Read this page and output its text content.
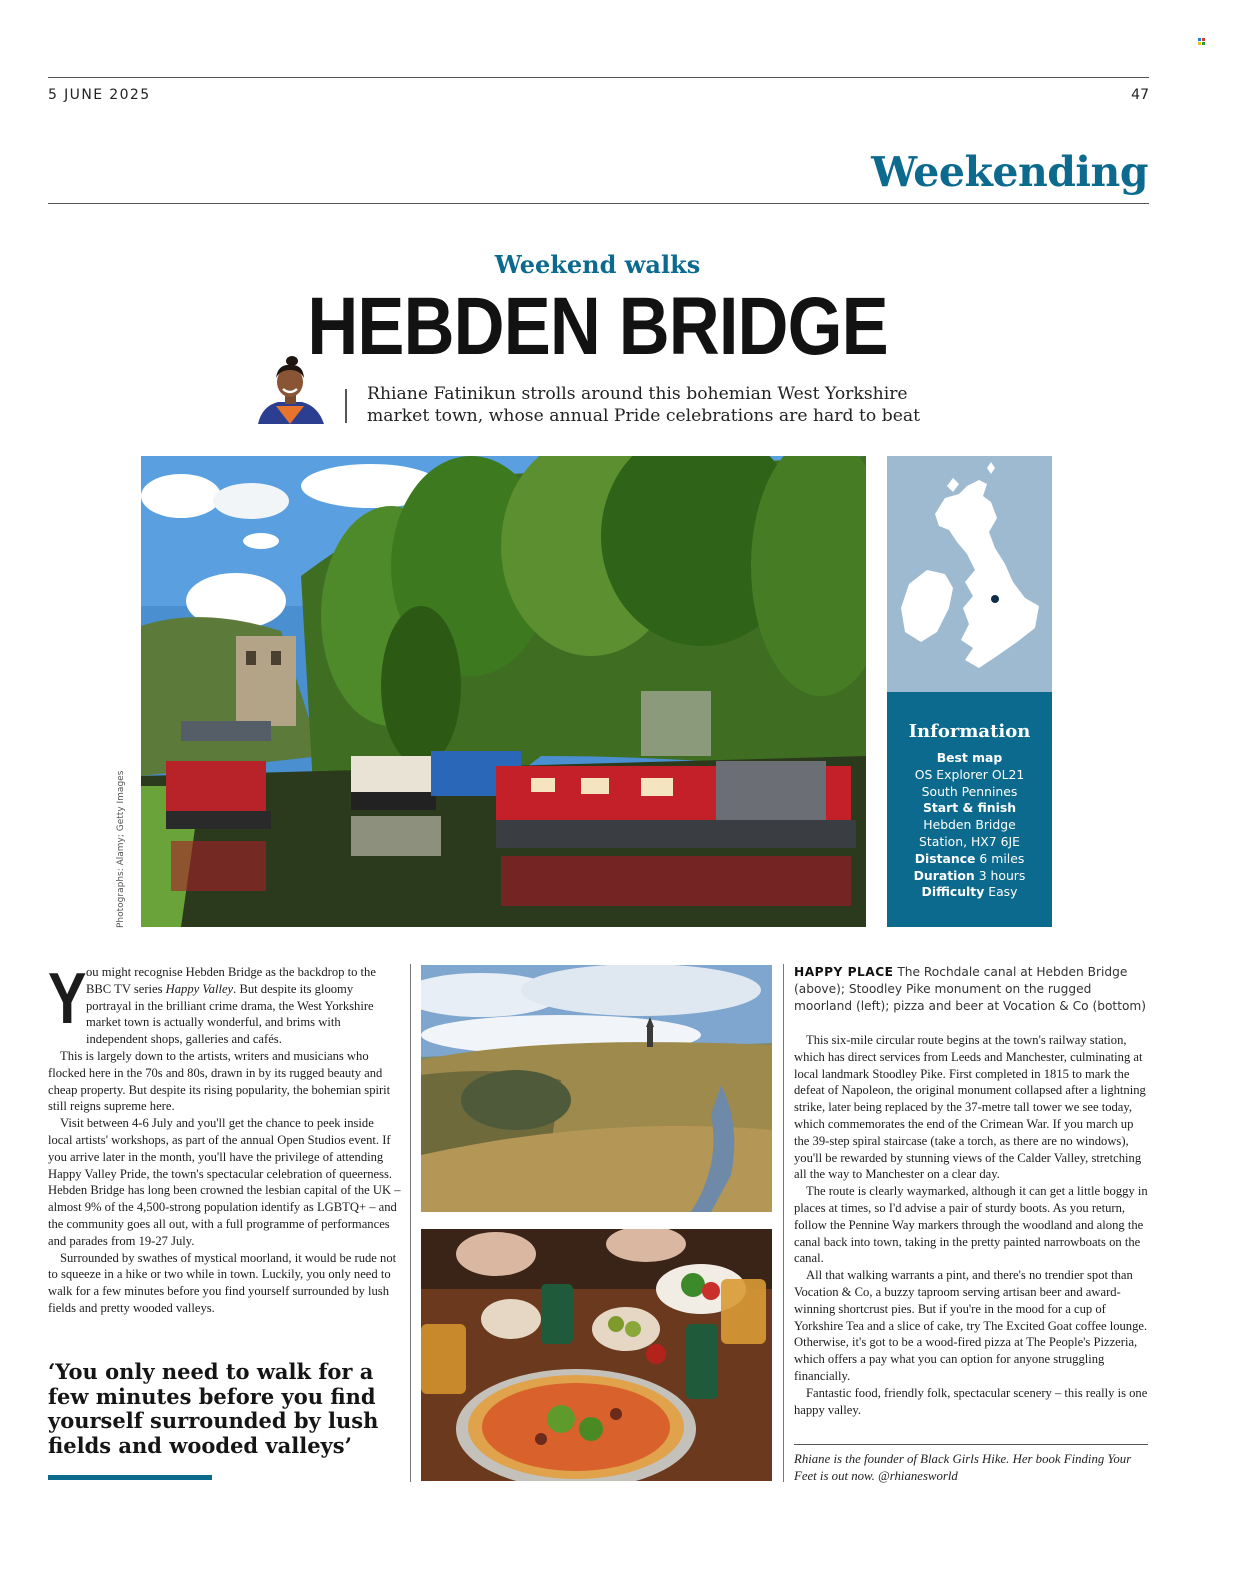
5 JUNE 2025	47
Weekending
Weekend walks
HEBDEN BRIDGE
Rhiane Fatinikun strolls around this bohemian West Yorkshire market town, whose annual Pride celebrations are hard to beat
Photographs: Alamy; Getty Images
Information
Best map
OS Explorer OL21
South Pennines
Start & finish
Hebden Bridge
Station, HX7 6JE
Distance 6 miles
Duration 3 hours
Difficulty Easy

You might recognise Hebden Bridge as the backdrop to the BBC TV series Happy Valley. But despite its gloomy portrayal in the brilliant crime drama, the West Yorkshire market town is actually wonderful, and brims with independent shops, galleries and cafés.

This is largely down to the artists, writers and musicians who flocked here in the 70s and 80s, drawn in by its rugged beauty and cheap property. But despite its rising popularity, the bohemian spirit still reigns supreme here.

Visit between 4-6 July and you'll get the chance to peek inside local artists' workshops, as part of the annual Open Studios event. If you arrive later in the month, you'll have the privilege of attending Happy Valley Pride, the town's spectacular celebration of queerness. Hebden Bridge has long been crowned the lesbian capital of the UK – almost 9% of the 4,500-strong population identify as LGBTQ+ – and the community goes all out, with a full programme of performances and parades from 19-27 July.

Surrounded by swathes of mystical moorland, it would be rude not to squeeze in a hike or two while in town. Luckily, you only need to walk for a few minutes before you find yourself surrounded by lush fields and pretty wooded valleys.

‘You only need to walk for a few minutes before you find yourself surrounded by lush fields and wooded valleys’
HAPPY PLACE The Rochdale canal at Hebden Bridge (above); Stoodley Pike monument on the rugged moorland (left); pizza and beer at Vocation & Co (bottom)

This six-mile circular route begins at the town's railway station, which has direct services from Leeds and Manchester, culminating at local landmark Stoodley Pike. First completed in 1815 to mark the defeat of Napoleon, the original monument collapsed after a lightning strike, later being replaced by the 37-metre tall tower we see today, which commemorates the end of the Crimean War. If you march up the 39-step spiral staircase (take a torch, as there are no windows), you'll be rewarded by stunning views of the Calder Valley, stretching all the way to Manchester on a clear day.

The route is clearly waymarked, although it can get a little boggy in places at times, so I'd advise a pair of sturdy boots. As you return, follow the Pennine Way markers through the woodland and along the canal back into town, taking in the pretty painted narrowboats on the canal.

All that walking warrants a pint, and there's no trendier spot than Vocation & Co, a buzzy taproom serving artisan beer and award-winning shortcrust pies. But if you're in the mood for a cup of Yorkshire Tea and a slice of cake, try The Excited Goat coffee lounge. Otherwise, it's got to be a wood-fired pizza at The People's Pizzeria, which offers a pay what you can option for anyone struggling financially.

Fantastic food, friendly folk, spectacular scenery – this really is one happy valley.

Rhiane is the founder of Black Girls Hike. Her book Finding Your Feet is out now. @rhianesworld
